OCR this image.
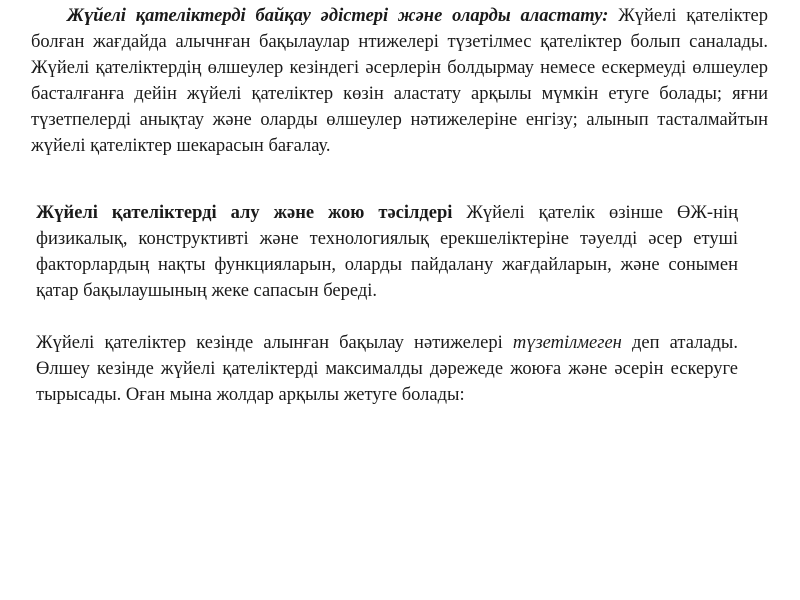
Жүйелі қателіктерді байқау әдістері және оларды аластату: Жүйелі қателіктер болған жағдайда алычнған бақылаулар нтижелері түзетілмес қателіктер болып саналады. Жүйелі қателіктердің өлшеулер кезіндегі әсерлерін болдырмау немесе ескермеуді өлшеулер басталғанға дейін жүйелі қателіктер көзін аластату арқылы мүмкін етуге болады; яғни түзетпелерді анықтау және оларды өлшеулер нәтижелеріне енгізу; алынып тасталмайтын жүйелі қателіктер шекарасын бағалау.

Жүйелі қателіктерді алу және жою тәсілдері Жүйелі қателік өзінше ӨЖ-нің физикалық, конструктивті және технологиялық ерекшеліктеріне тәуелді әсер етуші факторлардың нақты функцияларын, оларды пайдалану жағдайларын, және сонымен қатар бақылаушының жеке сапасын береді.

Жүйелі қателіктер кезінде алынған бақылау нәтижелері түзетілмеген деп аталады. Өлшеу кезінде жүйелі қателіктерді максималды дәрежеде жоюға және әсерін ескеруге тырысады. Оған мына жолдар арқылы жетуге болады:
